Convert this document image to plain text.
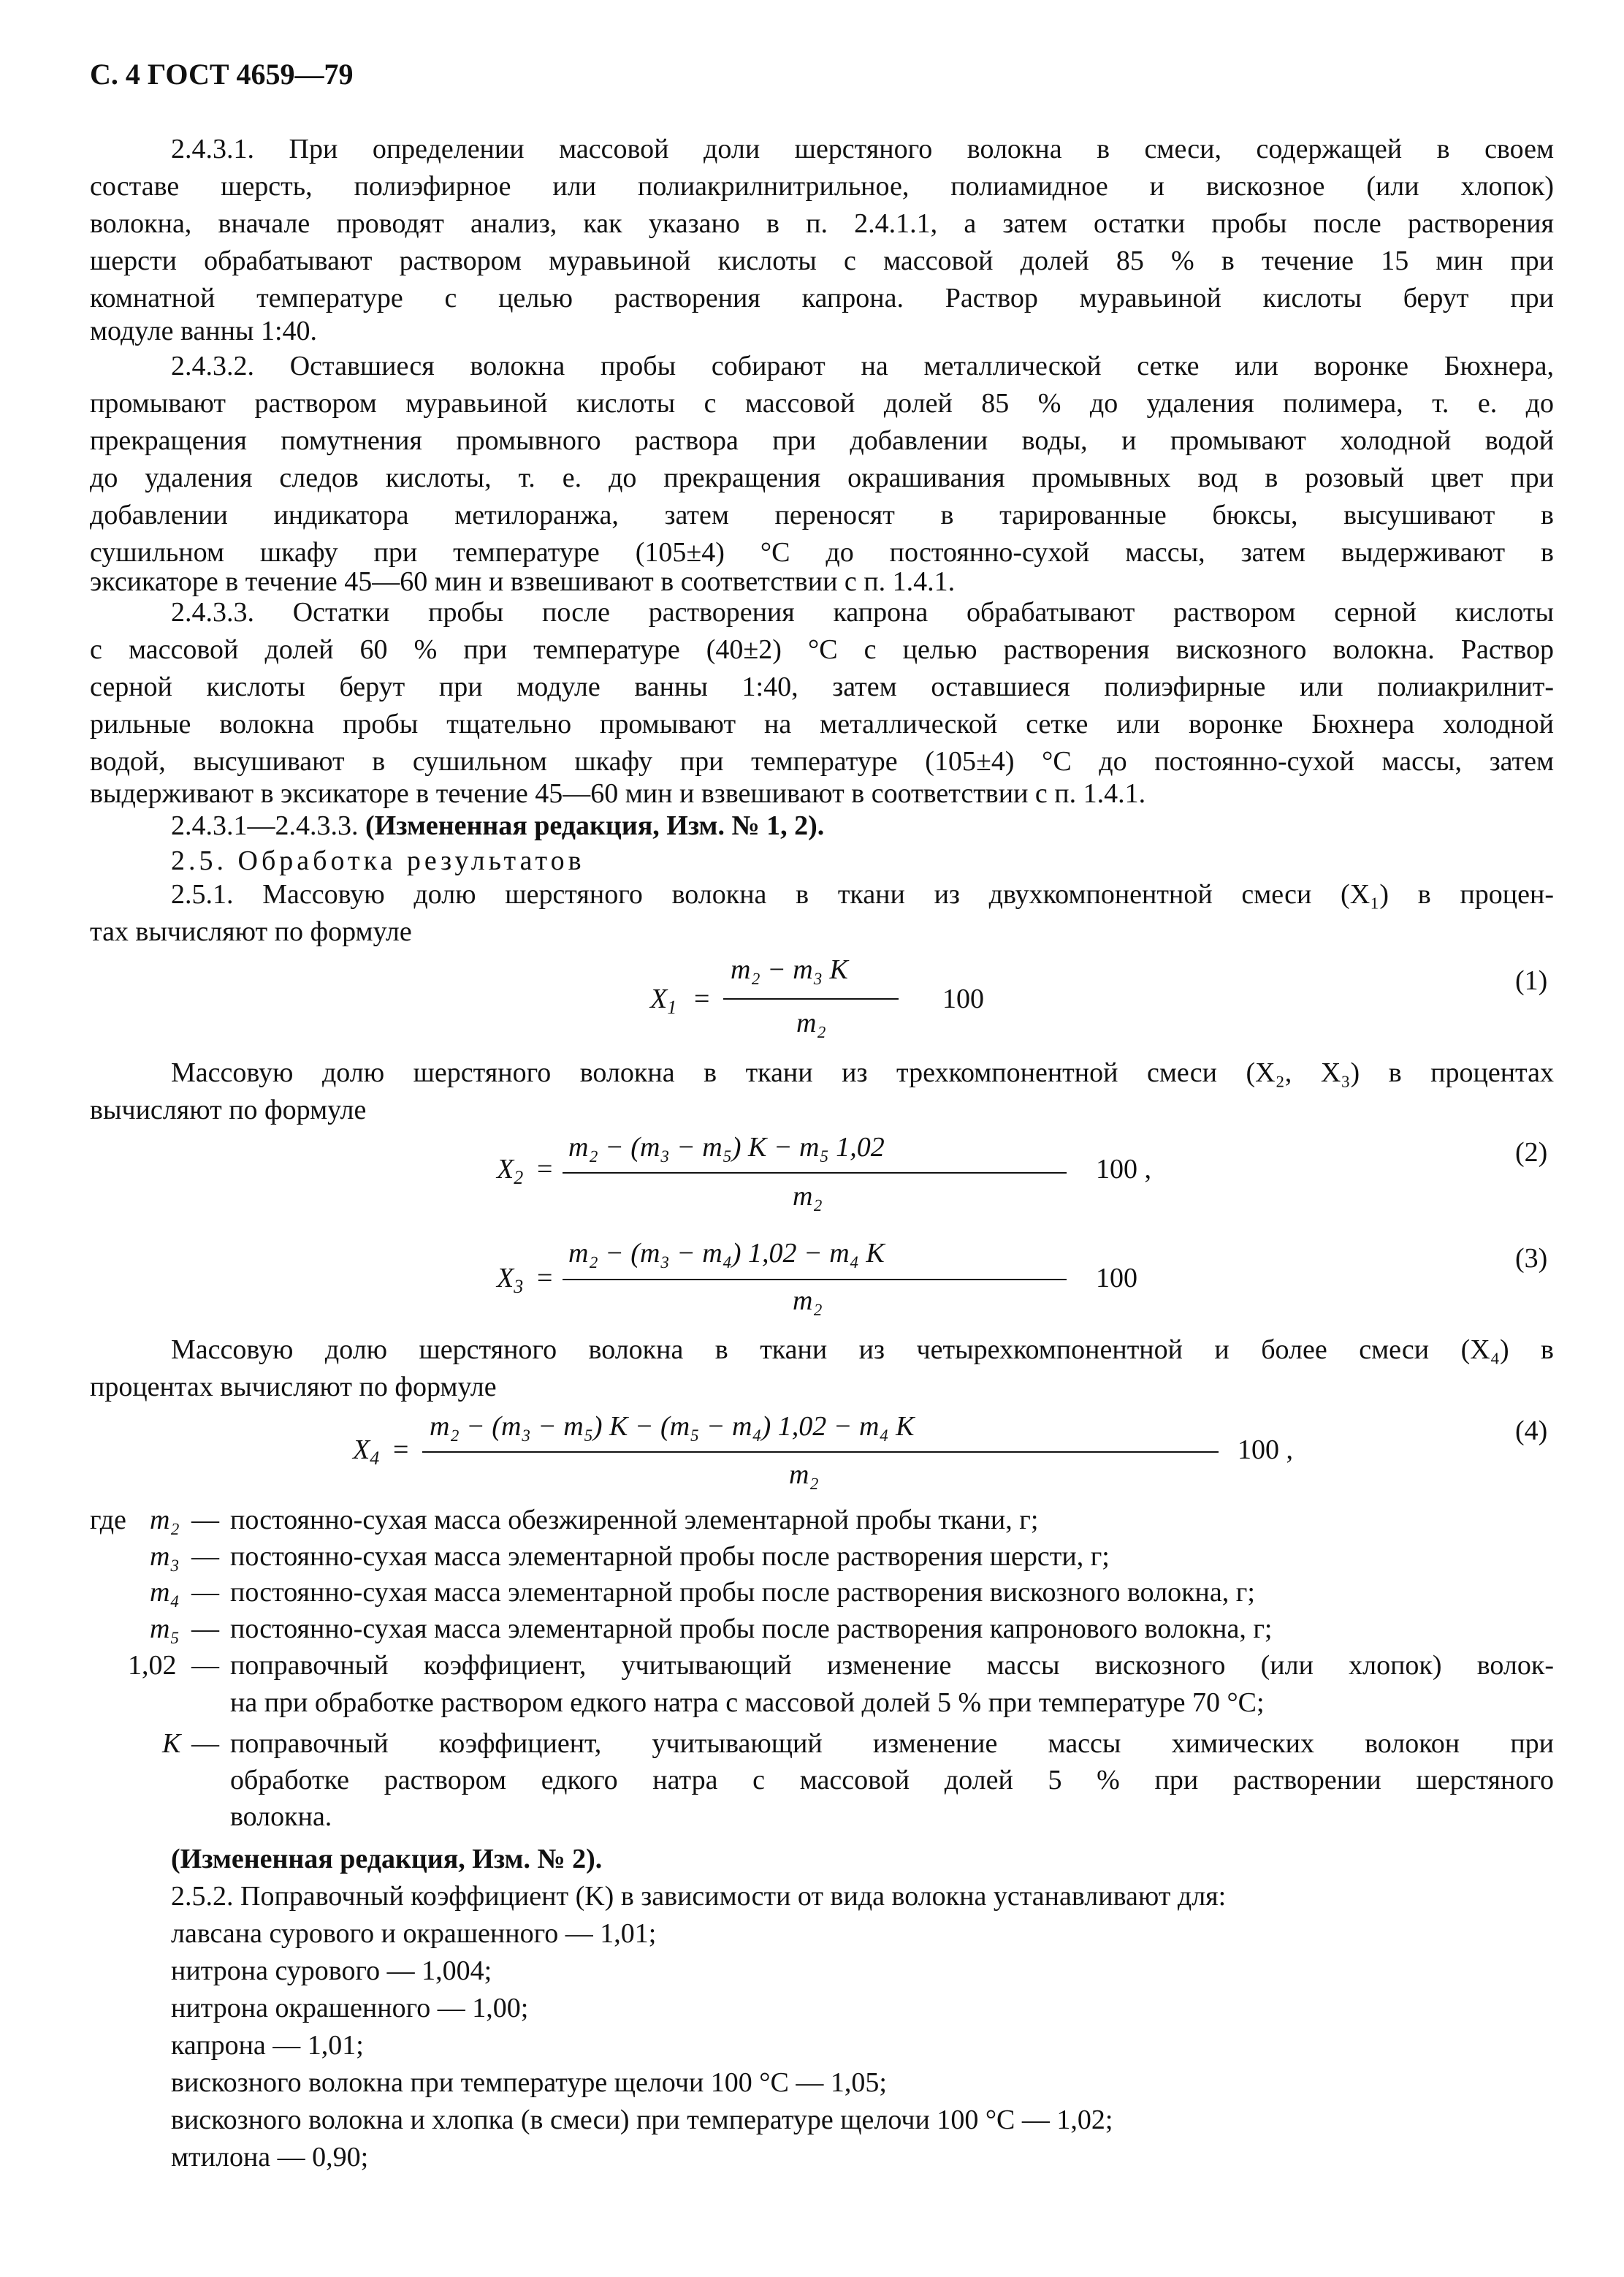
С. 4 ГОСТ 4659—79
2.4.3.1. При определении массовой доли шерстяного волокна в смеси, содержащей в своем
составе шерсть, полиэфирное или полиакрилнитрильное, полиамидное и вискозное (или хлопок)
волокна, вначале проводят анализ, как указано в п. 2.4.1.1, а затем остатки пробы после растворения
шерсти обрабатывают раствором муравьиной кислоты с массовой долей 85 % в течение 15 мин при
комнатной температуре с целью растворения капрона. Раствор муравьиной кислоты берут при
модуле ванны 1:40.
2.4.3.2. Оставшиеся волокна пробы собирают на металлической сетке или воронке Бюхнера,
промывают раствором муравьиной кислоты с массовой долей 85 % до удаления полимера, т. е. до
прекращения помутнения промывного раствора при добавлении воды, и промывают холодной водой
до удаления следов кислоты, т. е. до прекращения окрашивания промывных вод в розовый цвет при
добавлении индикатора метилоранжа, затем переносят в тарированные бюксы, высушивают в
сушильном шкафу при температуре (105±4) °С до постоянно-сухой массы, затем выдерживают в
эксикаторе в течение 45—60 мин и взвешивают в соответствии с п. 1.4.1.
2.4.3.3. Остатки пробы после растворения капрона обрабатывают раствором серной кислоты
с массовой долей 60 % при температуре (40±2) °С с целью растворения вискозного волокна. Раствор
серной кислоты берут при модуле ванны 1:40, затем оставшиеся полиэфирные или полиакрилнит-
рильные волокна пробы тщательно промывают на металлической сетке или воронке Бюхнера холодной
водой, высушивают в сушильном шкафу при температуре (105±4) °С до постоянно-сухой массы, затем
выдерживают в эксикаторе в течение 45—60 мин и взвешивают в соответствии с п. 1.4.1.
2.4.3.1—2.4.3.3. (Измененная редакция, Изм. № 1, 2).
2.5. Обработка результатов
2.5.1. Массовую долю шерстяного волокна в ткани из двухкомпонентной смеси (X₁) в процен-
тах вычисляют по формуле
$X_1$ =
m₂ − m₃ K
m₂
100
(1)
Массовую долю шерстяного волокна в ткани из трехкомпонентной смеси (X₂, X₃) в процентах
вычисляют по формуле
$X_2$ =
m₂ − (m₃ − m₅) K − m₅ 1,02
m₂
100 ,
(2)
$X_3$ =
m₂ − (m₃ − m₄) 1,02 − m₄ K
m₂
100
(3)
Массовую долю шерстяного волокна в ткани из четырехкомпонентной и более смеси (X₄) в
процентах вычисляют по формуле
$X_4$ =
m₂ − (m₃ − m₅) K − (m₅ − m₄) 1,02 − m₄ K
m₂
100 ,
(4)
где m₂ — постоянно-сухая масса обезжиренной элементарной пробы ткани, г;
m₃ — постоянно-сухая масса элементарной пробы после растворения шерсти, г;
m₄ — постоянно-сухая масса элементарной пробы после растворения вискозного волокна, г;
m₅ — постоянно-сухая масса элементарной пробы после растворения капронового волокна, г;
1,02 — поправочный коэффициент, учитывающий изменение массы вискозного (или хлопок) волок-
на при обработке раствором едкого натра с массовой долей 5 % при температуре 70 °С;
K — поправочный коэффициент, учитывающий изменение массы химических волокон при
обработке раствором едкого натра с массовой долей 5 % при растворении шерстяного
волокна.
(Измененная редакция, Изм. № 2).
2.5.2. Поправочный коэффициент (K) в зависимости от вида волокна устанавливают для:
лавсана сурового и окрашенного — 1,01;
нитрона сурового — 1,004;
нитрона окрашенного — 1,00;
капрона — 1,01;
вискозного волокна при температуре щелочи 100 °С — 1,05;
вискозного волокна и хлопка (в смеси) при температуре щелочи 100 °С — 1,02;
мтилона — 0,90;
